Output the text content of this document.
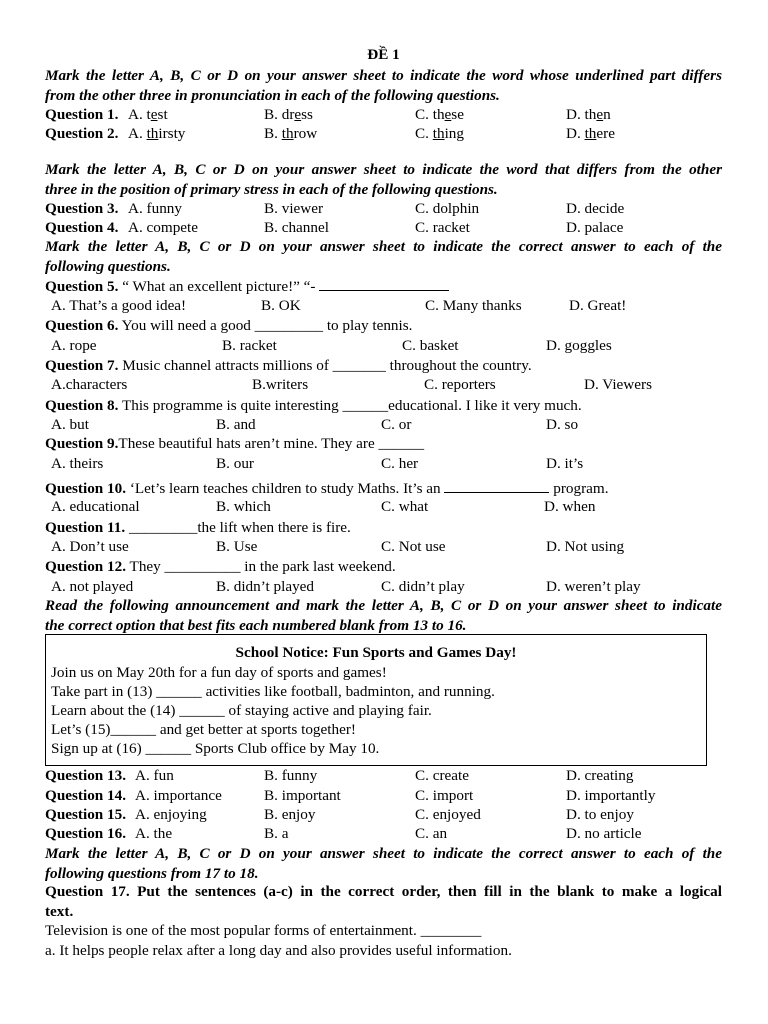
ĐỀ 1
Mark the letter A, B, C or D on your answer sheet to indicate the word whose underlined part differs
from the other three in pronunciation in each of the following questions.
Question 1. A. test	B. dress	C. these	D. then
Question 2. A. thirsty	B. throw	C. thing	D. there
Mark the letter A, B, C or D on your answer sheet to indicate the word that differs from the other
three in the position of primary stress in each of the following questions.
Question 3. A. funny	B. viewer	C. dolphin	D. decide
Question 4. A. compete	B. channel	C. racket	D. palace
Mark the letter A, B, C or D on your answer sheet to indicate the correct answer to each of the
following questions.
Question 5. “ What an excellent picture!” “-
A. That’s a good idea!	B. OK	C. Many thanks	D. Great!
Question 6. You will need a good _________ to play tennis.
A. rope	B. racket	C. basket	D. goggles
Question 7. Music channel attracts millions of _______ throughout the country.
A.characters	B.writers	C. reporters	D. Viewers
Question 8. This programme is quite interesting ______educational. I like it very much.
A. but	B. and	C. or	D. so
Question 9.These beautiful hats aren’t mine. They are ______
A. theirs	B. our	C. her	D. it’s
Question 10. ‘Let’s learn teaches children to study Maths. It’s an	program.
A. educational	B. which	C. what	D. when
Question 11. _________the lift when there is fire.
A. Don’t use	B. Use	C. Not use	D. Not using
Question 12. They __________ in the park last weekend.
A. not played	B. didn’t played	C. didn’t play	D. weren’t play
Read the following announcement and mark the letter A, B, C or D on your answer sheet to indicate
the correct option that best fits each numbered blank from 13 to 16.
School Notice: Fun Sports and Games Day!
Join us on May 20th for a fun day of sports and games!
Take part in (13) ______ activities like football, badminton, and running.
Learn about the (14) ______ of staying active and playing fair.
Let’s (15)______ and get better at sports together!
Sign up at (16) ______ Sports Club office by May 10.
Question 13. A. fun	B. funny	C. create	D. creating
Question 14. A. importance	B. important	C. import	D. importantly
Question 15. A. enjoying	B. enjoy	C. enjoyed	D. to enjoy
Question 16. A. the	B. a	C. an	D. no article
Mark the letter A, B, C or D on your answer sheet to indicate the correct answer to each of the
following questions from 17 to 18.
Question 17. Put the sentences (a-c) in the correct order, then fill in the blank to make a logical
text.
Television is one of the most popular forms of entertainment. ________
a. It helps people relax after a long day and also provides useful information.
